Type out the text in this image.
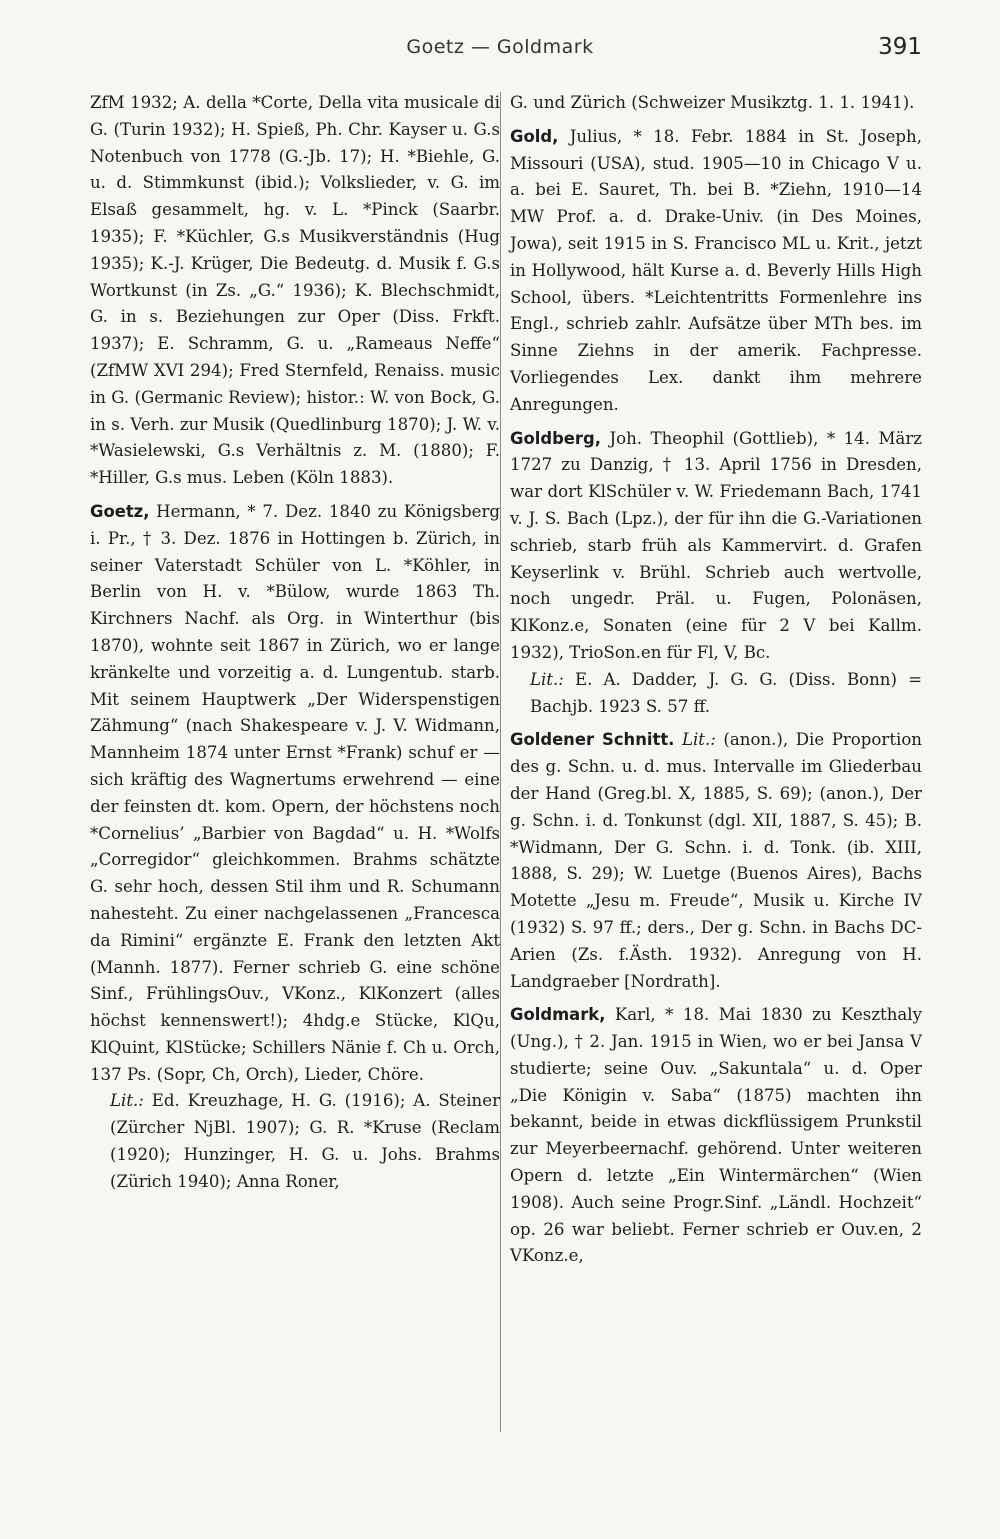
Goetz — Goldmark	391

ZfM 1932; A. della *Corte, Della vita musicale di G. (Turin 1932); H. Spieß, Ph. Chr. Kayser u. G.s Notenbuch von 1778 (G.-Jb. 17); H. *Biehle, G. u. d. Stimmkunst (ibid.); Volkslieder, v. G. im Elsaß gesammelt, hg. v. L. *Pinck (Saarbr. 1935); F. *Küchler, G.s Musikverständnis (Hug 1935); K.-J. Krüger, Die Bedeutg. d. Musik f. G.s Wortkunst (in Zs. „G.“ 1936); K. Blechschmidt, G. in s. Beziehungen zur Oper (Diss. Frkft. 1937); E. Schramm, G. u. „Rameaus Neffe“ (ZfMW XVI 294); Fred Sternfeld, Renaiss. music in G. (Germanic Review); histor.: W. von Bock, G. in s. Verh. zur Musik (Quedlinburg 1870); J. W. v. *Wasielewski, G.s Verhältnis z. M. (1880); F. *Hiller, G.s mus. Leben (Köln 1883).

Goetz, Hermann, * 7. Dez. 1840 zu Königsberg i. Pr., † 3. Dez. 1876 in Hottingen b. Zürich, in seiner Vaterstadt Schüler von L. *Köhler, in Berlin von H. v. *Bülow, wurde 1863 Th. Kirchners Nachf. als Org. in Winterthur (bis 1870), wohnte seit 1867 in Zürich, wo er lange kränkelte und vorzeitig a. d. Lungentub. starb. Mit seinem Hauptwerk „Der Widerspenstigen Zähmung“ (nach Shakespeare v. J. V. Widmann, Mannheim 1874 unter Ernst *Frank) schuf er — sich kräftig des Wagnertums erwehrend — eine der feinsten dt. kom. Opern, der höchstens noch *Cornelius’ „Barbier von Bagdad“ u. H. *Wolfs „Corregidor“ gleichkommen. Brahms schätzte G. sehr hoch, dessen Stil ihm und R. Schumann nahesteht. Zu einer nachgelassenen „Francesca da Rimini“ ergänzte E. Frank den letzten Akt (Mannh. 1877). Ferner schrieb G. eine schöne Sinf., FrühlingsOuv., VKonz., KlKonzert (alles höchst kennenswert!); 4hdg.e Stücke, KlQu, KlQuint, KlStücke; Schillers Nänie f. Ch u. Orch, 137 Ps. (Sopr, Ch, Orch), Lieder, Chöre.

Lit.: Ed. Kreuzhage, H. G. (1916); A. Steiner (Zürcher NjBl. 1907); G. R. *Kruse (Reclam (1920); Hunzinger, H. G. u. Johs. Brahms (Zürich 1940); Anna Roner,

G. und Zürich (Schweizer Musikztg. 1. 1. 1941).

Gold, Julius, * 18. Febr. 1884 in St. Joseph, Missouri (USA), stud. 1905—10 in Chicago V u. a. bei E. Sauret, Th. bei B. *Ziehn, 1910—14 MW Prof. a. d. Drake-Univ. (in Des Moines, Jowa), seit 1915 in S. Francisco ML u. Krit., jetzt in Hollywood, hält Kurse a. d. Beverly Hills High School, übers. *Leichtentritts Formenlehre ins Engl., schrieb zahlr. Aufsätze über MTh bes. im Sinne Ziehns in der amerik. Fachpresse. Vorliegendes Lex. dankt ihm mehrere Anregungen.

Goldberg, Joh. Theophil (Gottlieb), * 14. März 1727 zu Danzig, † 13. April 1756 in Dresden, war dort KlSchüler v. W. Friedemann Bach, 1741 v. J. S. Bach (Lpz.), der für ihn die G.-Variationen schrieb, starb früh als Kammervirt. d. Grafen Keyserlink v. Brühl. Schrieb auch wertvolle, noch ungedr. Präl. u. Fugen, Polonäsen, KlKonz.e, Sonaten (eine für 2 V bei Kallm. 1932), TrioSon.en für Fl, V, Bc.

Lit.: E. A. Dadder, J. G. G. (Diss. Bonn) = Bachjb. 1923 S. 57 ff.

Goldener Schnitt. Lit.: (anon.), Die Proportion des g. Schn. u. d. mus. Intervalle im Gliederbau der Hand (Greg.bl. X, 1885, S. 69); (anon.), Der g. Schn. i. d. Tonkunst (dgl. XII, 1887, S. 45); B. *Widmann, Der G. Schn. i. d. Tonk. (ib. XIII, 1888, S. 29); W. Luetge (Buenos Aires), Bachs Motette „Jesu m. Freude“, Musik u. Kirche IV (1932) S. 97 ff.; ders., Der g. Schn. in Bachs DC-Arien (Zs. f.Ästh. 1932). Anregung von H. Landgraeber [Nordrath].

Goldmark, Karl, * 18. Mai 1830 zu Keszthaly (Ung.), † 2. Jan. 1915 in Wien, wo er bei Jansa V studierte; seine Ouv. „Sakuntala“ u. d. Oper „Die Königin v. Saba“ (1875) machten ihn bekannt, beide in etwas dickflüssigem Prunkstil zur Meyerbeernachf. gehörend. Unter weiteren Opern d. letzte „Ein Wintermärchen“ (Wien 1908). Auch seine Progr.Sinf. „Ländl. Hochzeit“ op. 26 war beliebt. Ferner schrieb er Ouv.en, 2 VKonz.e,
